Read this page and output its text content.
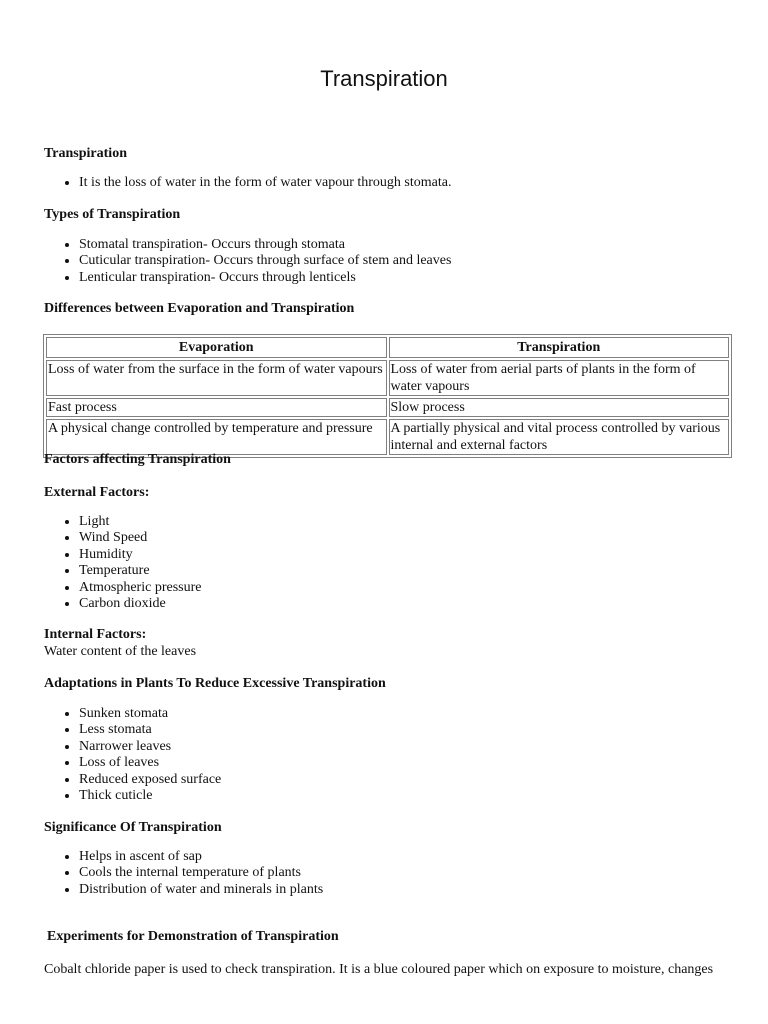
Transpiration
Transpiration
• It is the loss of water in the form of water vapour through stomata.
Types of Transpiration
• Stomatal transpiration- Occurs through stomata
• Cuticular transpiration- Occurs through surface of stem and leaves
• Lenticular transpiration- Occurs through lenticels
Differences between Evaporation and Transpiration
Evaporation	Transpiration
Loss of water from the surface in the form of water vapours	Loss of water from aerial parts of plants in the form of water vapours
Fast process	Slow process
A physical change controlled by temperature and pressure	A partially physical and vital process controlled by various internal and external factors
Factors affecting Transpiration
External Factors:
• Light
• Wind Speed
• Humidity
• Temperature
• Atmospheric pressure
• Carbon dioxide
Internal Factors:

Water content of the leaves

Adaptations in Plants To Reduce Excessive Transpiration
• Sunken stomata
• Less stomata
• Narrower leaves
• Loss of leaves
• Reduced exposed surface
• Thick cuticle
Significance Of Transpiration
• Helps in ascent of sap
• Cools the internal temperature of plants
• Distribution of water and minerals in plants
Experiments for Demonstration of Transpiration

Cobalt chloride paper is used to check transpiration. It is a blue coloured paper which on exposure to moisture, changes
